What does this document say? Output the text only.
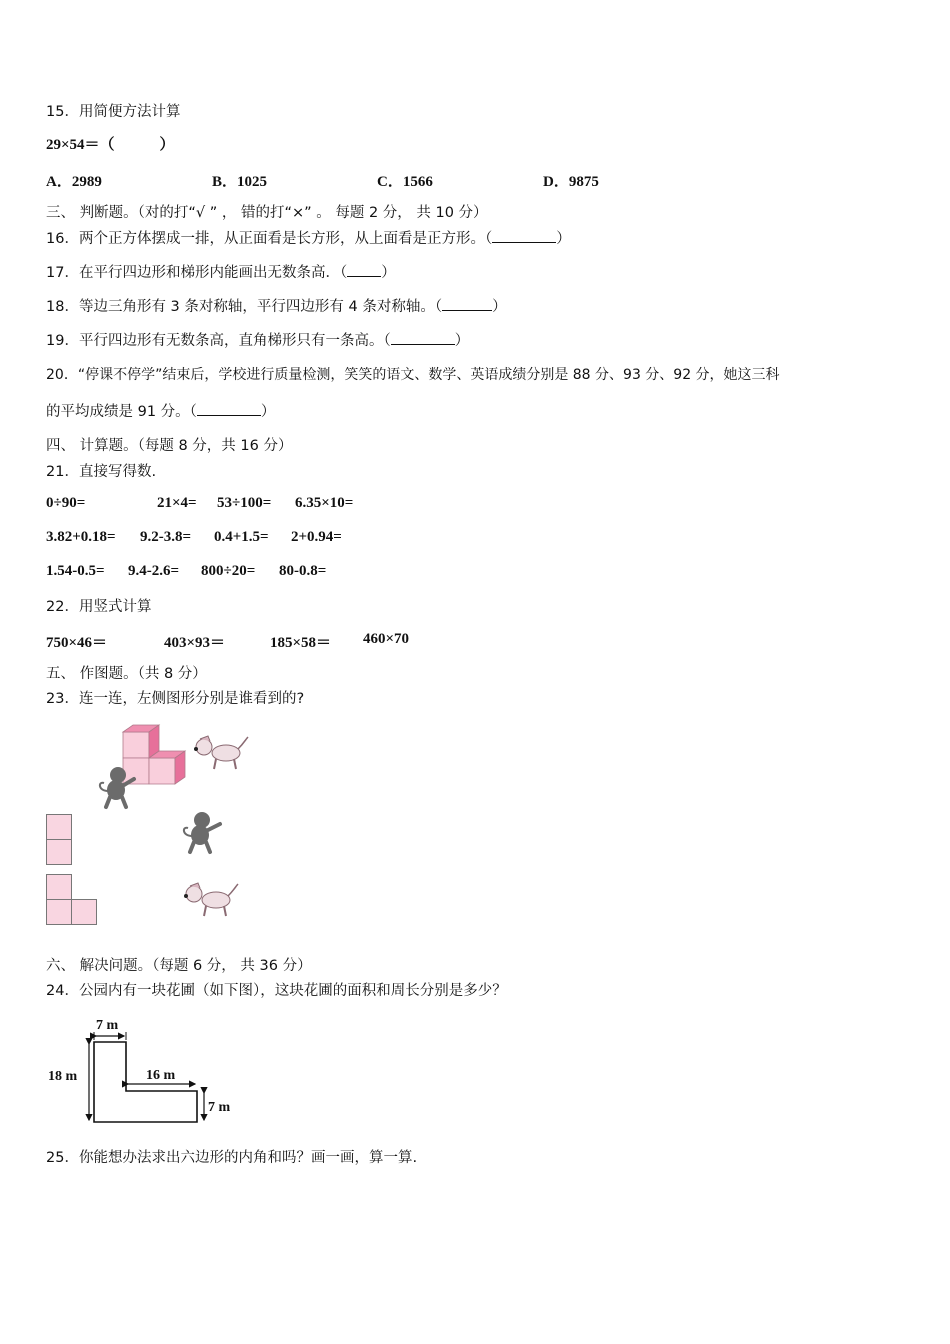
15．用简便方法计算
29×54＝（　　　）
A．2989	B．1025	C．1566	D．9875
三、 判断题。（对的打“√ ” ， 错的打“×” 。 每题 2 分， 共 10 分）
16．两个正方体摆成一排，从正面看是长方形，从上面看是正方形。（	）
17．在平行四边形和梯形内能画出无数条高．（ ）
18．等边三角形有 3 条对称轴，平行四边形有 4 条对称轴。（	）
19．平行四边形有无数条高，直角梯形只有一条高。（	）
20．“停课不停学”结束后，学校进行质量检测，笑笑的语文、数学、英语成绩分别是 88 分、93 分、92 分，她这三科
的平均成绩是 91 分。（	）
四、 计算题。（每题 8 分，共 16 分）
21．直接写得数.
0÷90=	21×4= 53÷100= 6.35×10=
3.82+0.18= 9.2-3.8= 0.4+1.5= 2+0.94=
1.54-0.5= 9.4-2.6= 800÷20= 80-0.8=
22．用竖式计算
750×46＝	403×93＝	185×58＝ 460×70
五、 作图题。（共 8 分）
23．连一连，左侧图形分别是谁看到的?
六、 解决问题。（每题 6 分， 共 36 分）
24．公园内有一块花圃（如下图），这块花圃的面积和周长分别是多少？
7 m
18 m	16 m
7 m
25．你能想办法求出六边形的内角和吗？画一画，算一算.
